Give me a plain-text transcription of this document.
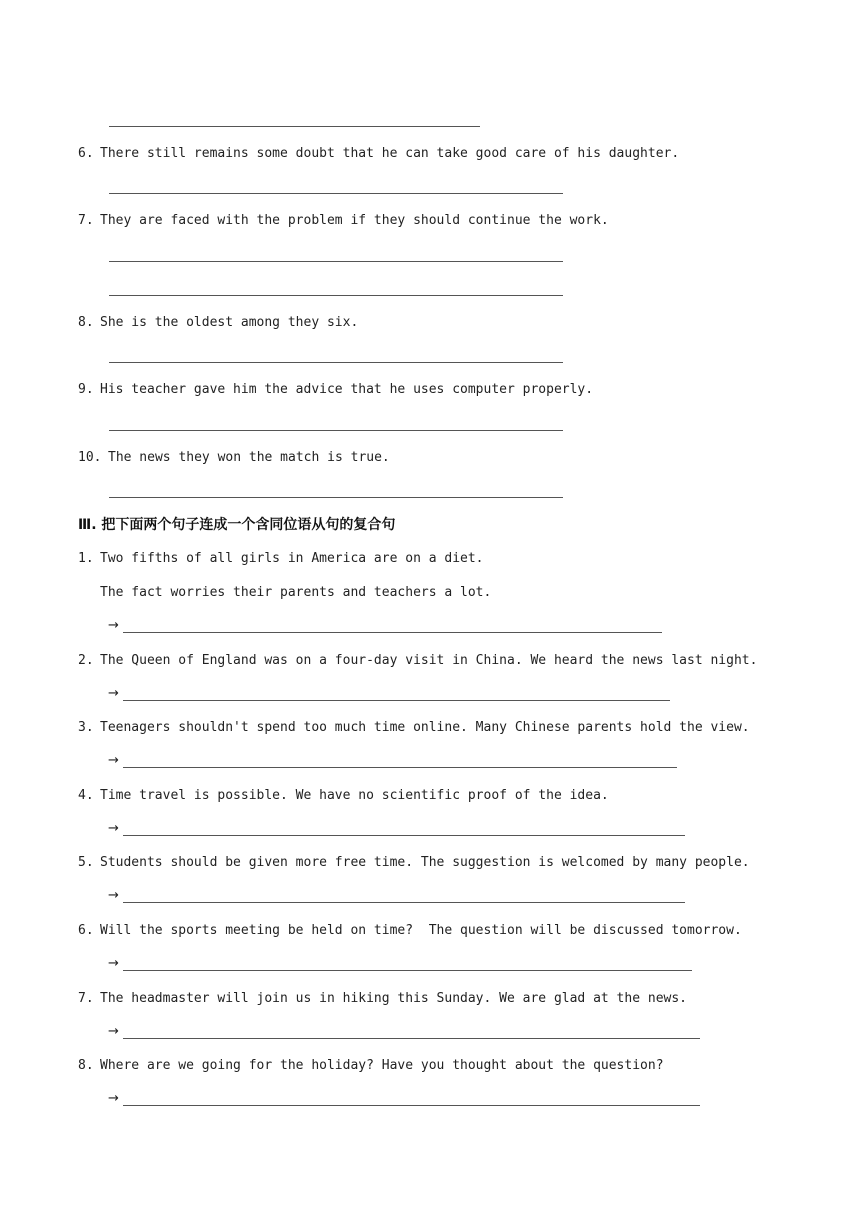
6. There still remains some doubt that he can take good care of his daughter.
7. They are faced with the problem if they should continue the work.
8. She is the oldest among they six.
9. His teacher gave him the advice that he uses computer properly.
10. The news they won the match is true.
Ⅲ. 把下面两个句子连成一个含同位语从句的复合句
1. Two fifths of all girls in America are on a diet.
The fact worries their parents and teachers a lot.
→
2. The Queen of England was on a four-day visit in China. We heard the news last night.
→
3. Teenagers shouldn't spend too much time online. Many Chinese parents hold the view.
→
4. Time travel is possible. We have no scientific proof of the idea.
→
5. Students should be given more free time. The suggestion is welcomed by many people.
→
6. Will the sports meeting be held on time?  The question will be discussed tomorrow.
→
7. The headmaster will join us in hiking this Sunday. We are glad at the news.
→
8. Where are we going for the holiday? Have you thought about the question?
→
